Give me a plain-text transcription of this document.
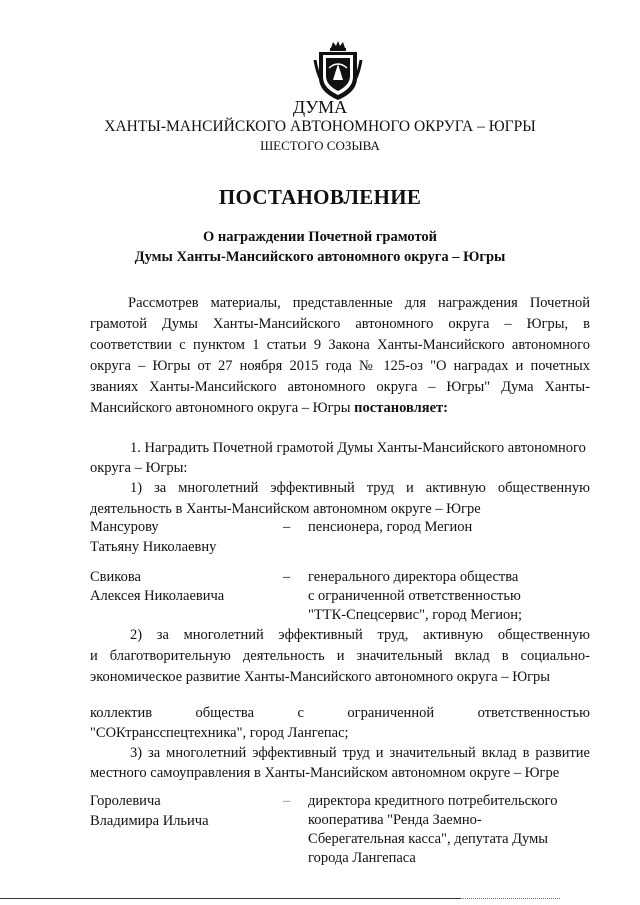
ДУМА
ХАНТЫ-МАНСИЙСКОГО АВТОНОМНОГО ОКРУГА – ЮГРЫ
ШЕСТОГО СОЗЫВА
ПОСТАНОВЛЕНИЕ
О награждении Почетной грамотой
Думы Ханты-Мансийского автономного округа – Югры
Рассмотрев материалы, представленные для награждения Почетной
грамотой Думы Ханты-Мансийского автономного округа – Югры, в
соответствии с пунктом 1 статьи 9 Закона Ханты-Мансийского автономного
округа – Югры от 27 ноября 2015 года № 125-оз "О наградах и почетных
званиях Ханты-Мансийского автономного округа – Югры" Дума Ханты-
Мансийского автономного округа – Югры постановляет:
1. Наградить Почетной грамотой Думы Ханты-Мансийского автономного
округа – Югры:
1) за многолетний эффективный труд и активную общественную
деятельность в Ханты-Мансийском автономном округе – Югре
Мансурову
Татьяну Николаевну
– пенсионера, город Мегион
Свикова
Алексея Николаевича
– генерального директора общества
с ограниченной ответственностью
"ТТК-Спецсервис", город Мегион;
2) за многолетний эффективный труд, активную общественную
и благотворительную деятельность и значительный вклад в социально-
экономическое развитие Ханты-Мансийского автономного округа – Югры
коллектив общества с ограниченной ответственностью
"СОКтрансспецтехника", город Лангепас;
3) за многолетний эффективный труд и значительный вклад в развитие
местного самоуправления в Ханты-Мансийском автономном округе – Югре
Горолевича
Владимира Ильича
– директора кредитного потребительского
кооператива "Ренда Заемно-
Сберегательная касса", депутата Думы
города Лангепаса
